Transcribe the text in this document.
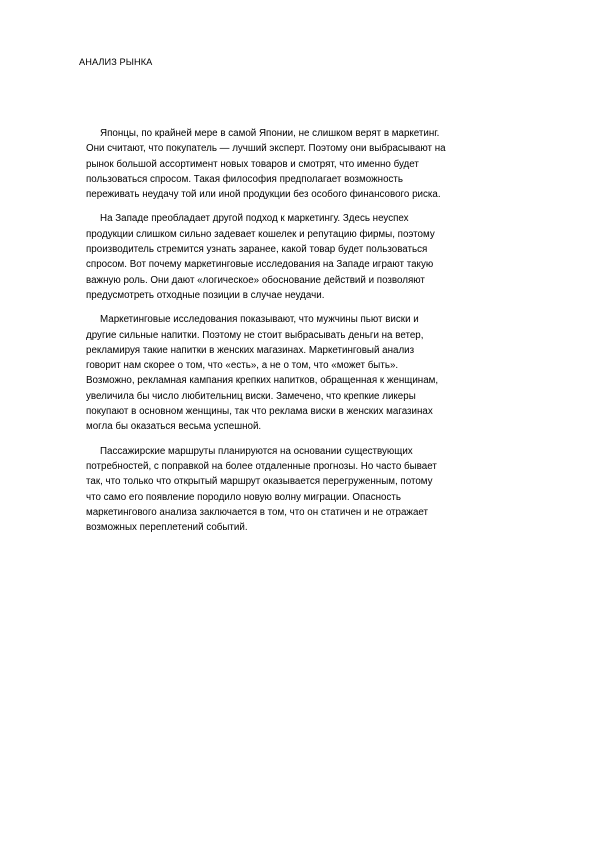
АНАЛИЗ РЫНКА

Японцы, по крайней мере в самой Японии, не слишком верят в маркетинг.
Они считают, что покупатель — лучший эксперт. Поэтому они выбрасывают на
рынок большой ассортимент новых товаров и смотрят, что именно будет
пользоваться спросом. Такая философия предполагает возможность
переживать неудачу той или иной продукции без особого финансового риска.

На Западе преобладает другой подход к маркетингу. Здесь неуспех
продукции слишком сильно задевает кошелек и репутацию фирмы, поэтому
производитель стремится узнать заранее, какой товар будет пользоваться
спросом. Вот почему маркетинговые исследования на Западе играют такую
важную роль. Они дают «логическое» обоснование действий и позволяют
предусмотреть отходные позиции в случае неудачи.

Маркетинговые исследования показывают, что мужчины пьют виски и
другие сильные напитки. Поэтому не стоит выбрасывать деньги на ветер,
рекламируя такие напитки в женских магазинах. Маркетинговый анализ
говорит нам скорее о том, что «есть», а не о том, что «может быть».
Возможно, рекламная кампания крепких напитков, обращенная к женщинам,
увеличила бы число любительниц виски. Замечено, что крепкие ликеры
покупают в основном женщины, так что реклама виски в женских магазинах
могла бы оказаться весьма успешной.

Пассажирские маршруты планируются на основании существующих
потребностей, с поправкой на более отдаленные прогнозы. Но часто бывает
так, что только что открытый маршрут оказывается перегруженным, потому
что само его появление породило новую волну миграции. Опасность
маркетингового анализа заключается в том, что он статичен и не отражает
возможных переплетений событий.
